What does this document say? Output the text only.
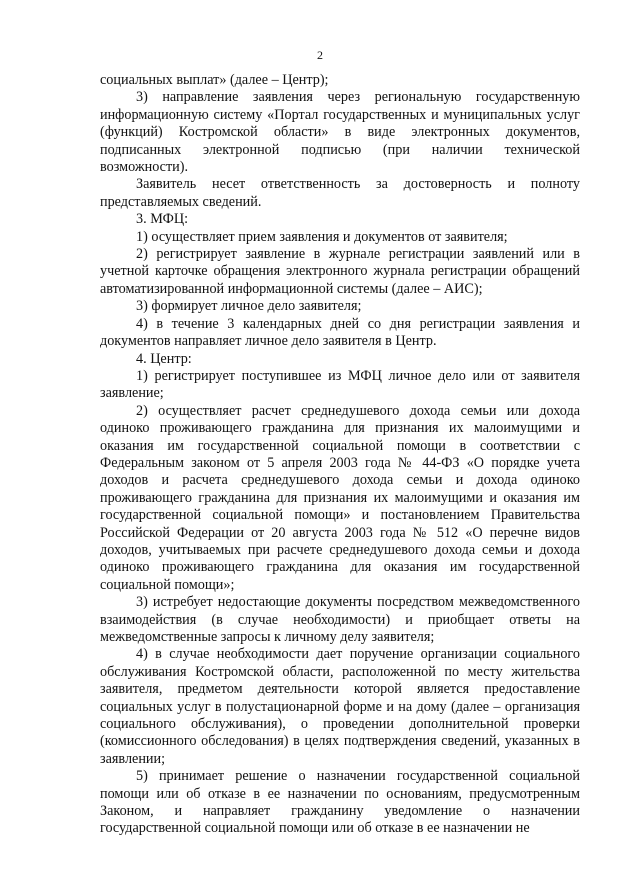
2

социальных выплат» (далее – Центр);

3) направление заявления через региональную государственную информационную систему «Портал государственных и муниципальных услуг (функций) Костромской области» в виде электронных документов, подписанных электронной подписью (при наличии технической возможности).

Заявитель несет ответственность за достоверность и полноту представляемых сведений.

3. МФЦ:

1) осуществляет прием заявления и документов от заявителя;

2) регистрирует заявление в журнале регистрации заявлений или в учетной карточке обращения электронного журнала регистрации обращений автоматизированной информационной системы (далее – АИС);

3) формирует личное дело заявителя;

4) в течение 3 календарных дней со дня регистрации заявления и документов направляет личное дело заявителя в Центр.

4. Центр:

1) регистрирует поступившее из МФЦ личное дело или от заявителя заявление;

2) осуществляет расчет среднедушевого дохода семьи или дохода одиноко проживающего гражданина для признания их малоимущими и оказания им государственной социальной помощи в соответствии с Федеральным законом от 5 апреля 2003 года № 44-ФЗ «О порядке учета доходов и расчета среднедушевого дохода семьи и дохода одиноко проживающего гражданина для признания их малоимущими и оказания им государственной социальной помощи» и постановлением Правительства Российской Федерации от 20 августа 2003 года № 512 «О перечне видов доходов, учитываемых при расчете среднедушевого дохода семьи и дохода одиноко проживающего гражданина для оказания им государственной социальной помощи»;

3) истребует недостающие документы посредством межведомственного взаимодействия (в случае необходимости) и приобщает ответы на межведомственные запросы к личному делу заявителя;

4) в случае необходимости дает поручение организации социального обслуживания Костромской области, расположенной по месту жительства заявителя, предметом деятельности которой является предоставление социальных услуг в полустационарной форме и на дому (далее – организация социального обслуживания), о проведении дополнительной проверки (комиссионного обследования) в целях подтверждения сведений, указанных в заявлении;

5) принимает решение о назначении государственной социальной помощи или об отказе в ее назначении по основаниям, предусмотренным Законом, и направляет гражданину уведомление о назначении государственной социальной помощи или об отказе в ее назначении не
